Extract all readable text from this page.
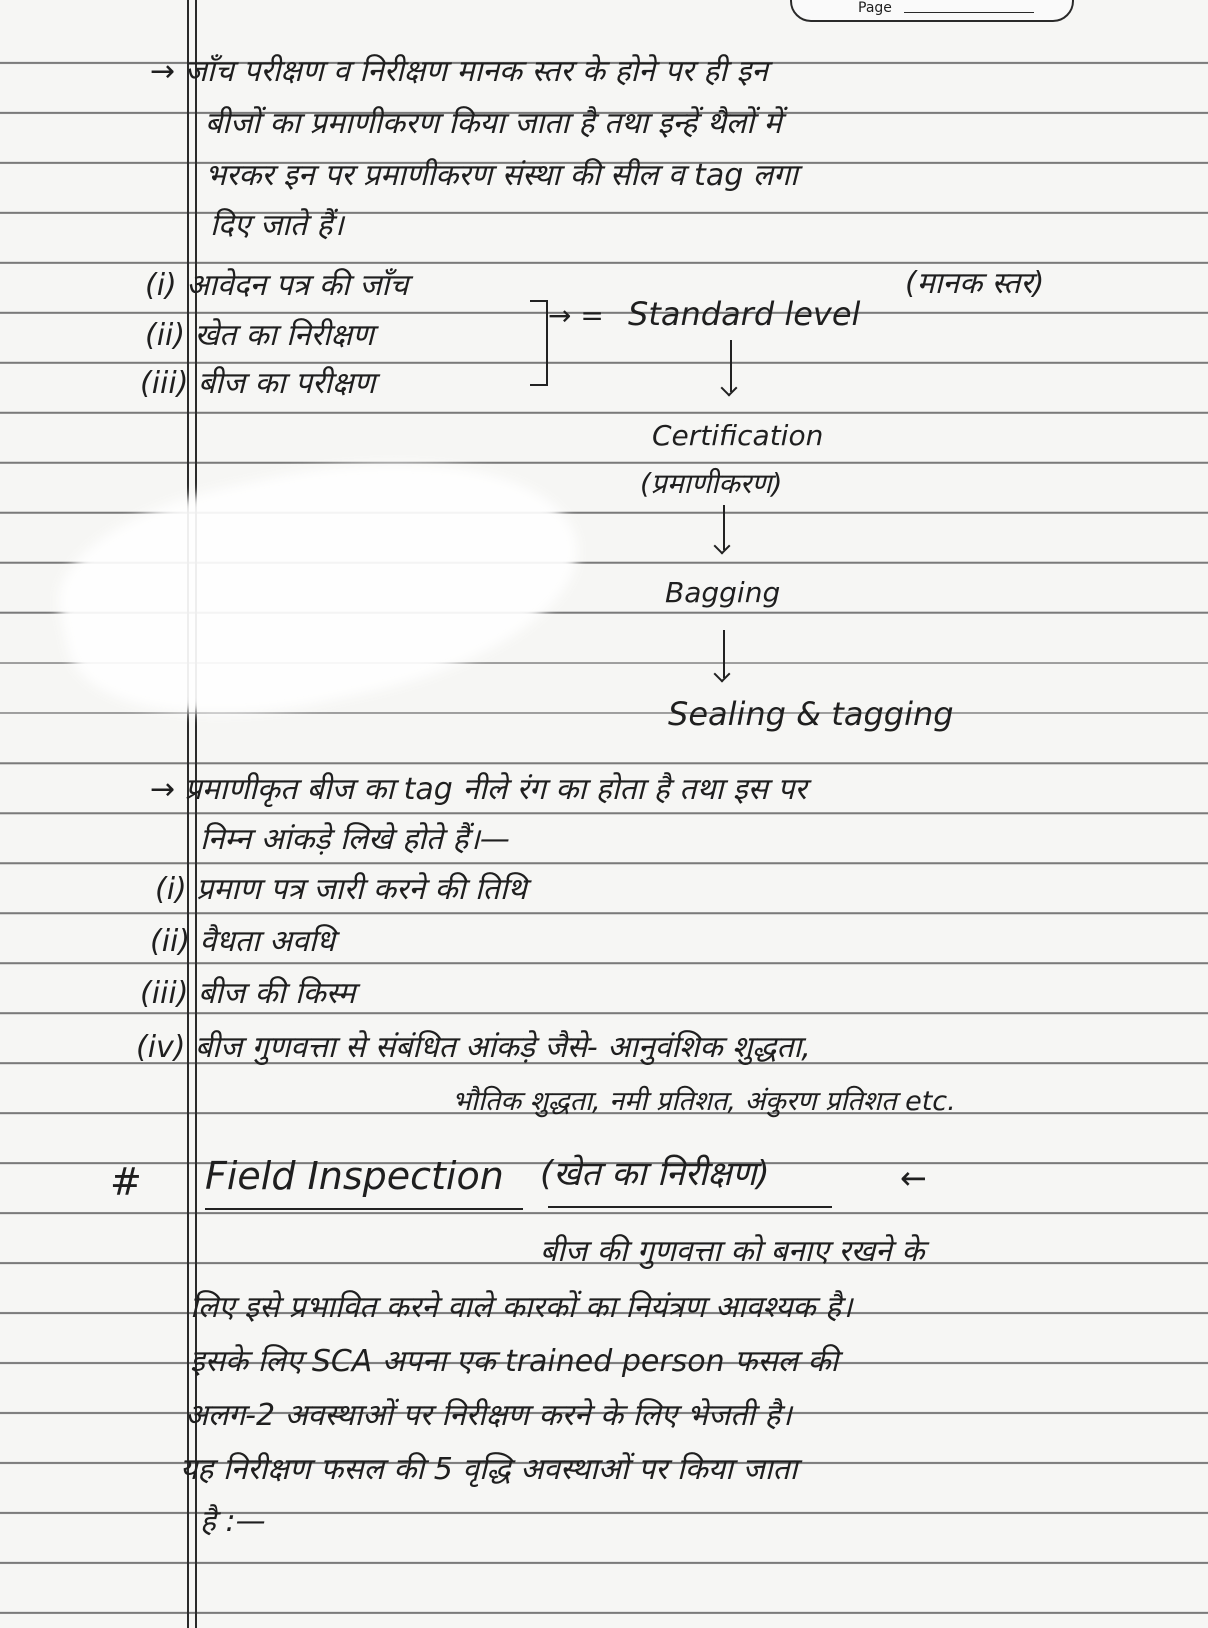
Page
→ जाँच परीक्षण व निरीक्षण मानक स्तर के होने पर ही इन
बीजों का प्रमाणीकरण किया जाता है तथा इन्हें थैलों में
भरकर इन पर प्रमाणीकरण संस्था की सील व tag लगा
दिए जाते हैं।
(i) आवेदन पत्र की जाँच
(ii) खेत का निरीक्षण
(iii) बीज का परीक्षण
→ = Standard level
(मानक स्तर)
Certification
(प्रमाणीकरण)
Bagging
Sealing & tagging
→ प्रमाणीकृत बीज का tag नीले रंग का होता है तथा इस पर
निम्न आंकड़े लिखे होते हैं।—
(i) प्रमाण पत्र जारी करने की तिथि
(ii) वैधता अवधि
(iii) बीज की किस्म
(iv) बीज गुणवत्ता से संबंधित आंकड़े जैसे- आनुवंशिक शुद्धता,
भौतिक शुद्धता, नमी प्रतिशत, अंकुरण प्रतिशत etc.
# Field Inspection (खेत का निरीक्षण)	←
बीज की गुणवत्ता को बनाए रखने के
लिए इसे प्रभावित करने वाले कारकों का नियंत्रण आवश्यक है।
इसके लिए SCA अपना एक trained person फसल की
अलग-2 अवस्थाओं पर निरीक्षण करने के लिए भेजती है।
यह निरीक्षण फसल की 5 वृद्धि अवस्थाओं पर किया जाता
है :—
